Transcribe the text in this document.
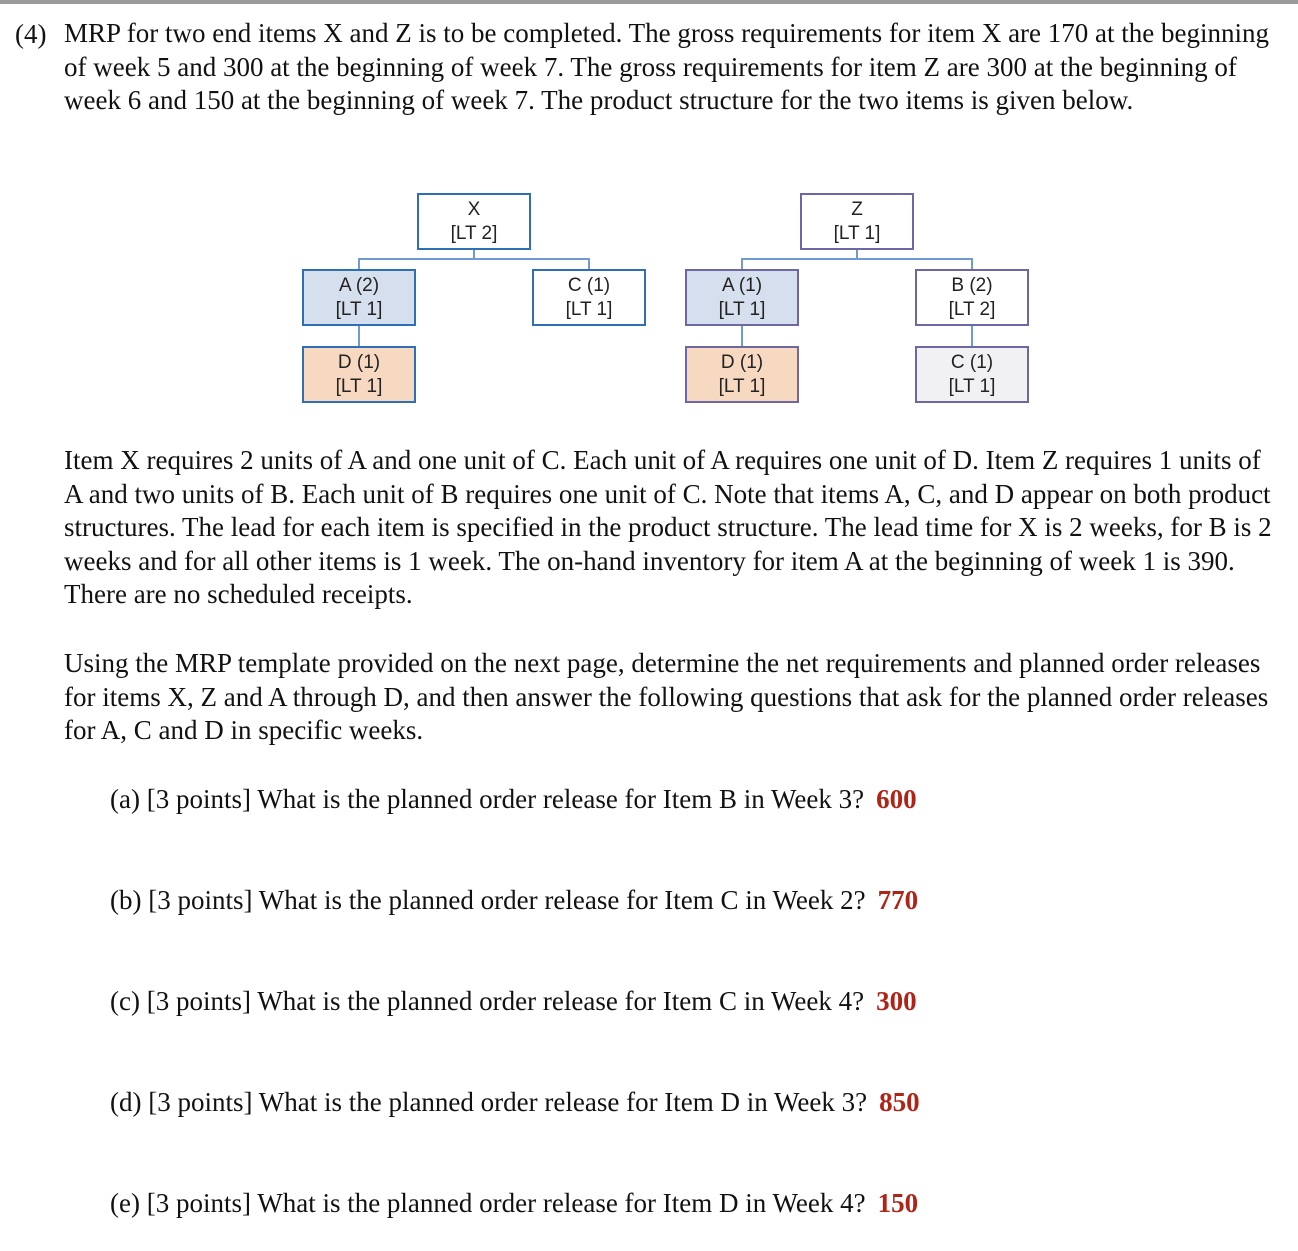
(4) MRP for two end items X and Z is to be completed. The gross requirements for item X are 170 at the beginning of week 5 and 300 at the beginning of week 7. The gross requirements for item Z are 300 at the beginning of week 6 and 150 at the beginning of week 7. The product structure for the two items is given below.

X
[LT 2]
A (2)
[LT 1]
C (1)
[LT 1]
D (1)
[LT 1]
Z
[LT 1]
A (1)
[LT 1]
B (2)
[LT 2]
D (1)
[LT 1]
C (1)
[LT 1]

Item X requires 2 units of A and one unit of C. Each unit of A requires one unit of D. Item Z requires 1 units of A and two units of B. Each unit of B requires one unit of C. Note that items A, C, and D appear on both product structures. The lead for each item is specified in the product structure. The lead time for X is 2 weeks, for B is 2 weeks and for all other items is 1 week. The on-hand inventory for item A at the beginning of week 1 is 390. There are no scheduled receipts.

Using the MRP template provided on the next page, determine the net requirements and planned order releases for items X, Z and A through D, and then answer the following questions that ask for the planned order releases for A, C and D in specific weeks.

(a) [3 points] What is the planned order release for Item B in Week 3? 600
(b) [3 points] What is the planned order release for Item C in Week 2? 770
(c) [3 points] What is the planned order release for Item C in Week 4? 300
(d) [3 points] What is the planned order release for Item D in Week 3? 850
(e) [3 points] What is the planned order release for Item D in Week 4? 150
